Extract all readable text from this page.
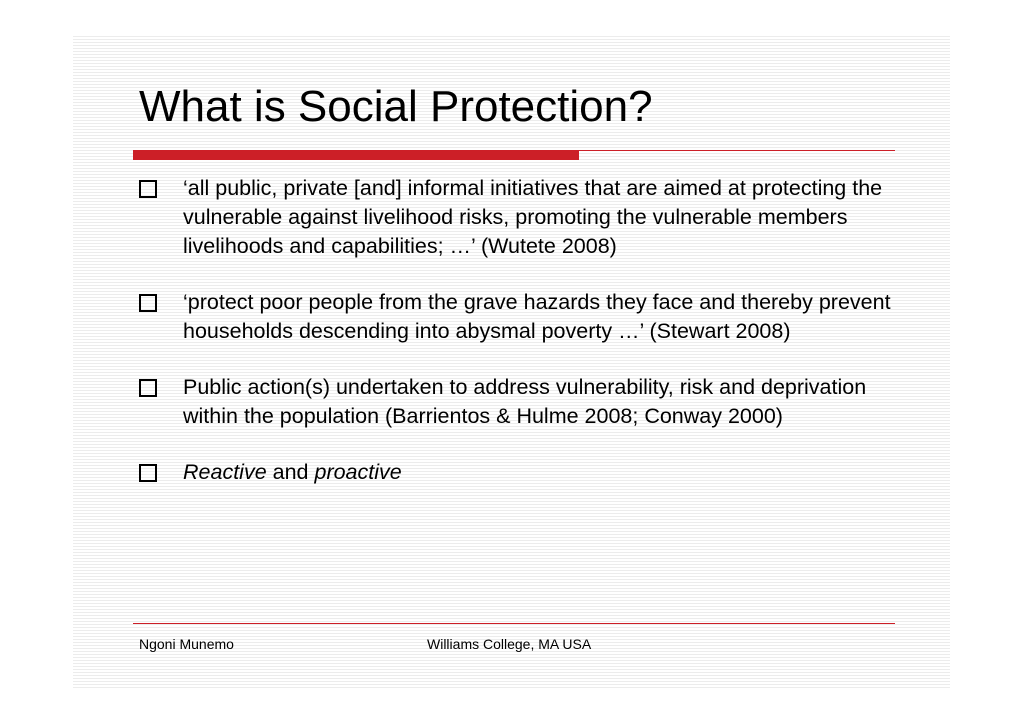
What is Social Protection?
‘all public, private [and] informal initiatives that are aimed at protecting the vulnerable against livelihood risks, promoting the vulnerable members livelihoods and capabilities; …’ (Wutete 2008)
‘protect poor people from the grave hazards they face and thereby prevent households descending into abysmal poverty …’ (Stewart 2008)
Public action(s) undertaken to address vulnerability, risk and deprivation within the population (Barrientos & Hulme 2008; Conway 2000)
Reactive and proactive
Ngoni Munemo	Williams College, MA USA
